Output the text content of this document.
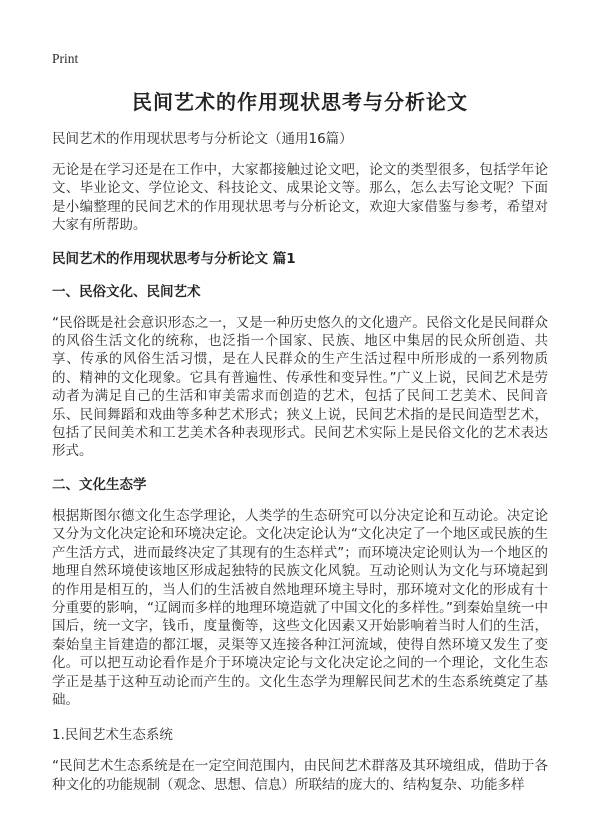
Print
民间艺术的作用现状思考与分析论文
民间艺术的作用现状思考与分析论文（通用16篇）

无论是在学习还是在工作中，大家都接触过论文吧，论文的类型很多，包括学年论文、毕业论文、学位论文、科技论文、成果论文等。那么，怎么去写论文呢？下面是小编整理的民间艺术的作用现状思考与分析论文，欢迎大家借鉴与参考，希望对大家有所帮助。

民间艺术的作用现状思考与分析论文 篇1
一、民俗文化、民间艺术

“民俗既是社会意识形态之一，又是一种历史悠久的文化遗产。民俗文化是民间群众的风俗生活文化的统称，也泛指一个国家、民族、地区中集居的民众所创造、共享、传承的风俗生活习惯，是在人民群众的生产生活过程中所形成的一系列物质的、精神的文化现象。它具有普遍性、传承性和变异性。”广义上说，民间艺术是劳动者为满足自己的生活和审美需求而创造的艺术，包括了民间工艺美术、民间音乐、民间舞蹈和戏曲等多种艺术形式；狭义上说，民间艺术指的是民间造型艺术，包括了民间美术和工艺美术各种表现形式。民间艺术实际上是民俗文化的艺术表达形式。

二、文化生态学

根据斯图尔德文化生态学理论，人类学的生态研究可以分决定论和互动论。决定论又分为文化决定论和环境决定论。文化决定论认为“文化决定了一个地区或民族的生产生活方式，进而最终决定了其现有的生态样式”；而环境决定论则认为一个地区的地理自然环境使该地区形成起独特的民族文化风貌。互动论则认为文化与环境起到的作用是相互的，当人们的生活被自然地理环境主导时，那环境对文化的形成有十分重要的影响，“辽阔而多样的地理环境造就了中国文化的多样性。”到秦始皇统一中国后，统一文字，钱币，度量衡等，这些文化因素又开始影响着当时人们的生活，秦始皇主旨建造的都江堰，灵渠等又连接各种江河流域，使得自然环境又发生了变化。可以把互动论看作是介于环境决定论与文化决定论之间的一个理论，文化生态学正是基于这种互动论而产生的。文化生态学为理解民间艺术的生态系统奠定了基础。

1.民间艺术生态系统

“民间艺术生态系统是在一定空间范围内，由民间艺术群落及其环境组成，借助于各种文化的功能规制（观念、思想、信息）所联结的庞大的、结构复杂、功能多样
